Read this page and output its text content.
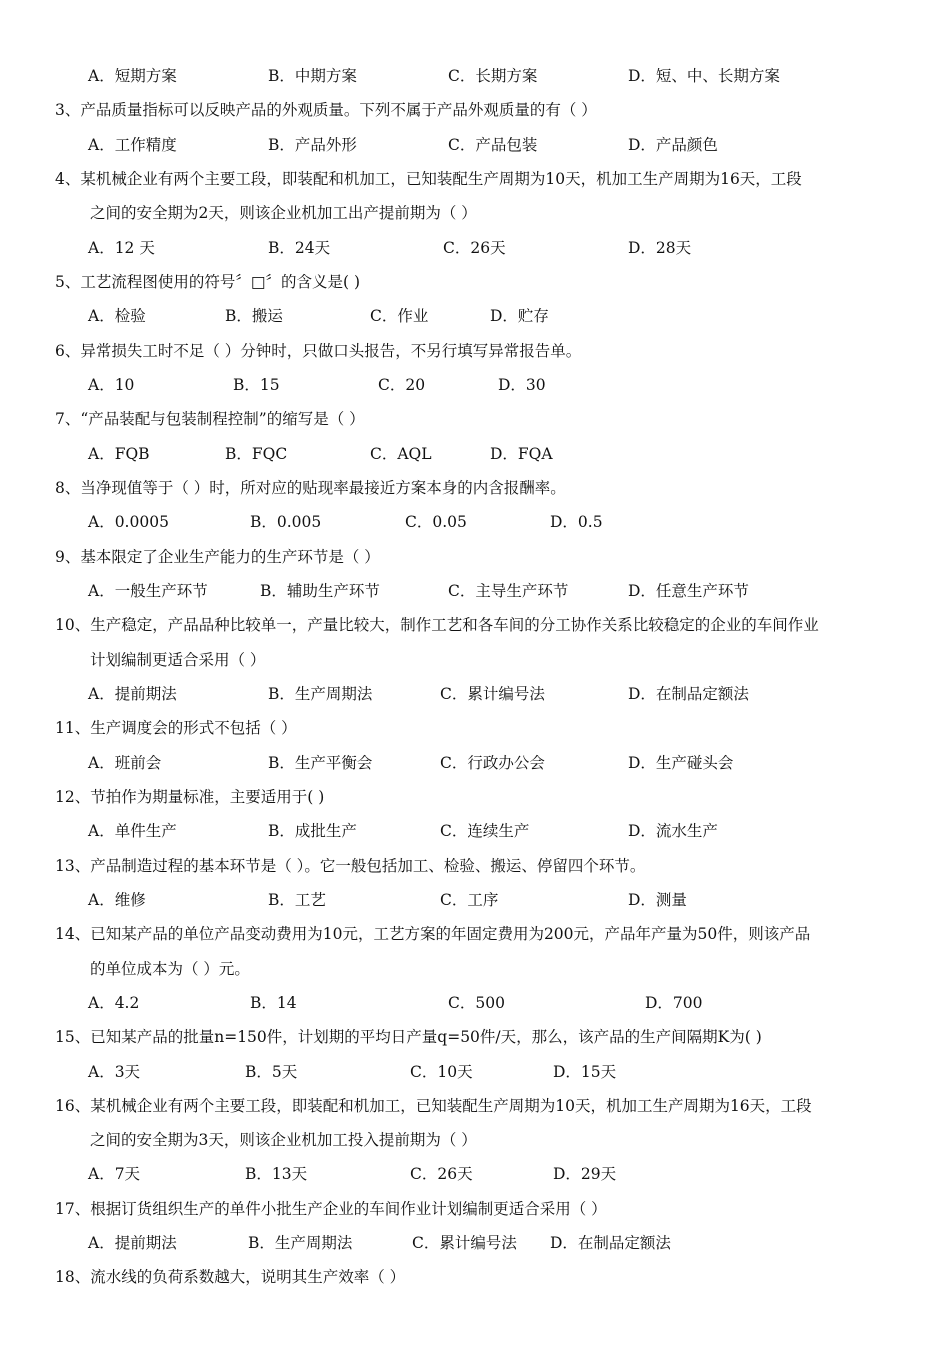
A．短期方案	B．中期方案	C．长期方案	D．短、中、长期方案
3、产品质量指标可以反映产品的外观质量。下列不属于产品外观质量的有（ ）
A．工作精度	B．产品外形	C．产品包装	D．产品颜色
4、某机械企业有两个主要工段，即装配和机加工，已知装配生产周期为10天，机加工生产周期为16天，工段
之间的安全期为2天，则该企业机加工出产提前期为（ ）
A．12 天	B．24天	C．26天	D．28天
5、工艺流程图使用的符号〞□〞的含义是( )
A．检验	B．搬运	C．作业	D．贮存
6、异常损失工时不足（ ）分钟时，只做口头报告，不另行填写异常报告单。
A．10	B．15	C．20	D．30
7、“产品装配与包装制程控制”的缩写是（ ）
A．FQB	B．FQC	C．AQL	D．FQA
8、当净现值等于（ ）时，所对应的贴现率最接近方案本身的内含报酬率。
A．0.0005	B．0.005	C．0.05	D．0.5
9、基本限定了企业生产能力的生产环节是（ ）
A．一般生产环节	B．辅助生产环节	C．主导生产环节	D．任意生产环节
10、生产稳定，产品品种比较单一，产量比较大，制作工艺和各车间的分工协作关系比较稳定的企业的车间作业
计划编制更适合采用（ ）
A．提前期法	B．生产周期法	C．累计编号法	D．在制品定额法
11、生产调度会的形式不包括（ ）
A．班前会	B．生产平衡会	C．行政办公会	D．生产碰头会
12、节拍作为期量标准，主要适用于( )
A．单件生产	B．成批生产	C．连续生产	D．流水生产
13、产品制造过程的基本环节是（ ）。它一般包括加工、检验、搬运、停留四个环节。
A．维修	B．工艺	C．工序	D．测量
14、已知某产品的单位产品变动费用为10元，工艺方案的年固定费用为200元，产品年产量为50件，则该产品
的单位成本为（ ）元。
A．4.2	B．14	C．500	D．700
15、已知某产品的批量n=150件，计划期的平均日产量q=50件/天，那么，该产品的生产间隔期K为( )
A．3天	B．5天	C．10天	D．15天
16、某机械企业有两个主要工段，即装配和机加工，已知装配生产周期为10天，机加工生产周期为16天，工段
之间的安全期为3天，则该企业机加工投入提前期为（ ）
A．7天	B．13天	C．26天	D．29天
17、根据订货组织生产的单件小批生产企业的车间作业计划编制更适合采用（ ）
A．提前期法	B．生产周期法	C．累计编号法 D．在制品定额法
18、流水线的负荷系数越大，说明其生产效率（ ）
